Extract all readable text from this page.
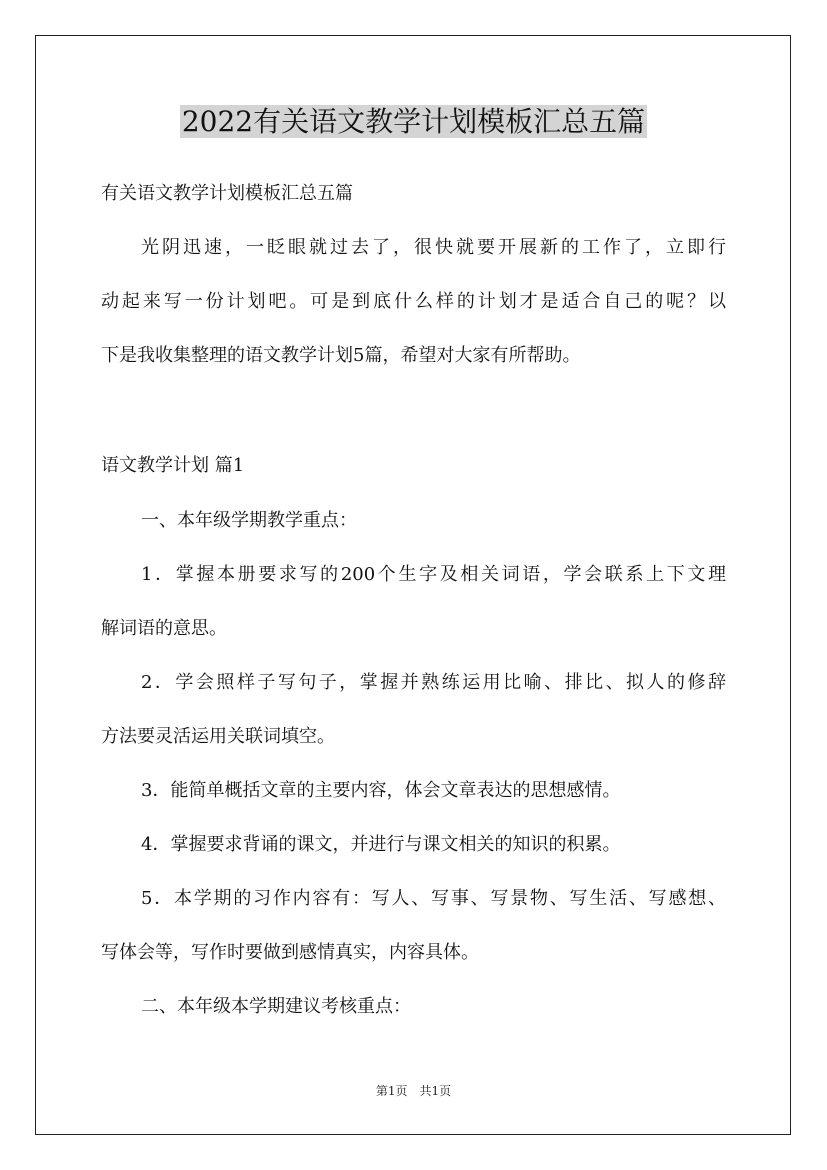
2022有关语文教学计划模板汇总五篇

有关语文教学计划模板汇总五篇

光阴迅速，一眨眼就过去了，很快就要开展新的工作了，立即行

动起来写一份计划吧。可是到底什么样的计划才是适合自己的呢？以

下是我收集整理的语文教学计划5篇，希望对大家有所帮助。

语文教学计划 篇1

一、本年级学期教学重点：

1．掌握本册要求写的200个生字及相关词语，学会联系上下文理

解词语的意思。

2．学会照样子写句子，掌握并熟练运用比喻、排比、拟人的修辞

方法要灵活运用关联词填空。

3．能简单概括文章的主要内容，体会文章表达的思想感情。

4．掌握要求背诵的课文，并进行与课文相关的知识的积累。

5．本学期的习作内容有：写人、写事、写景物、写生活、写感想、

写体会等，写作时要做到感情真实，内容具体。

二、本年级本学期建议考核重点：

第1页　共1页
